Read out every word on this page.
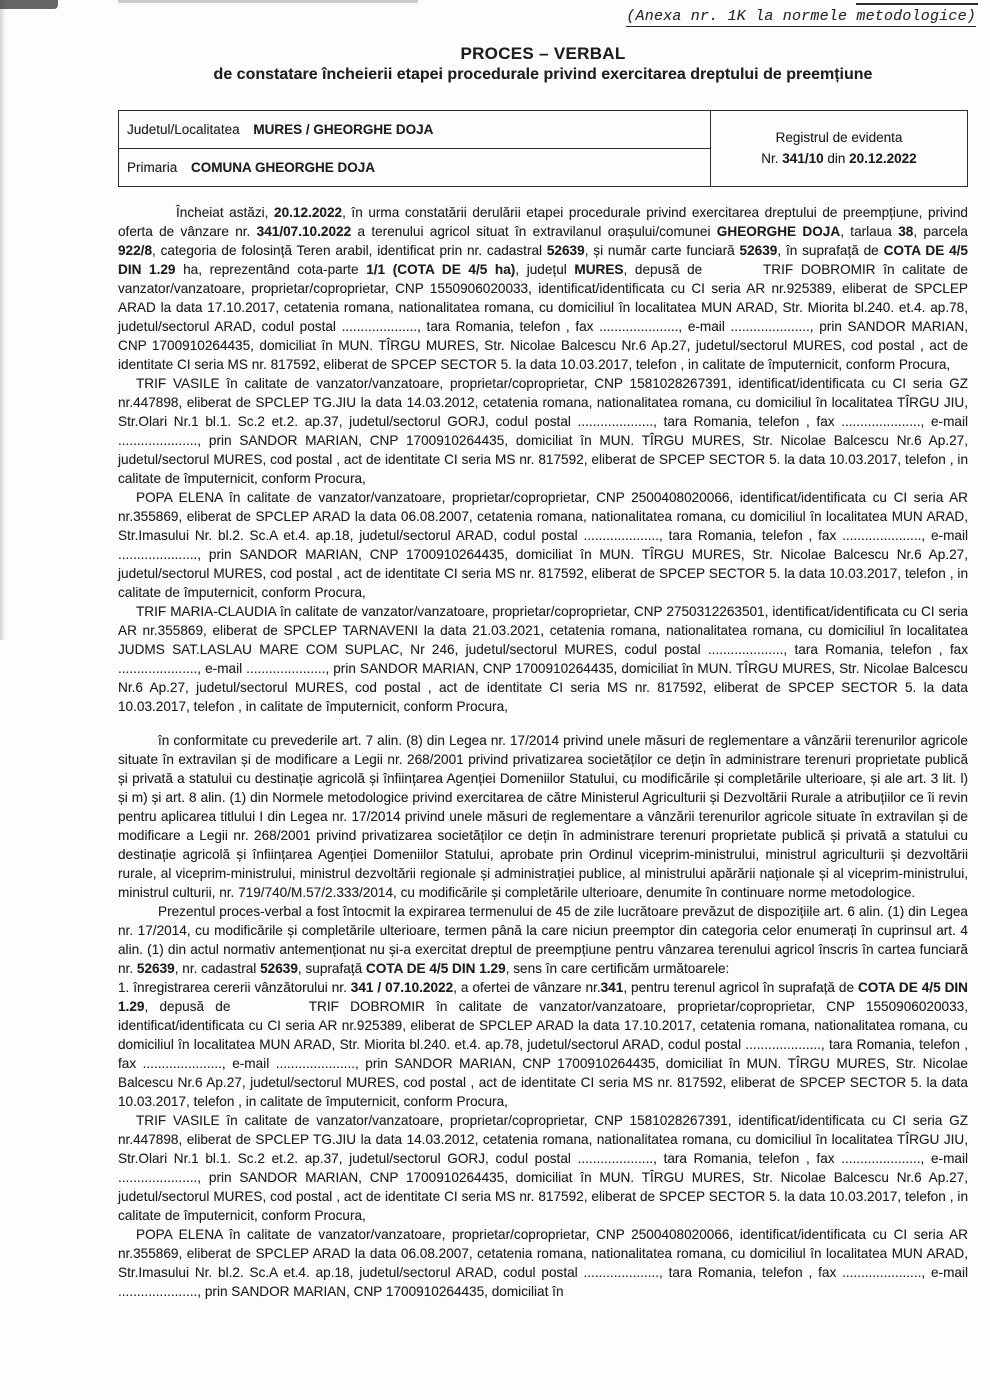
(Anexa nr. 1K la normele metodologice)
PROCES – VERBAL
de constatare încheierii etapei procedurale privind exercitarea dreptului de preemțiune
Judetul/Localitatea MURES / GHEORGHE DOJA	
Registrul de evidenta
Nr. 341/10 din 20.12.2022

Primaria COMUNA GHEORGHE DOJA

Încheiat astăzi, 20.12.2022, în urma constatării derulării etapei procedurale privind exercitarea dreptului de preempțiune, privind oferta de vânzare nr. 341/07.10.2022 a terenului agricol situat în extravilanul orașului/comunei GHEORGHE DOJA, tarlaua 38, parcela 922/8, categoria de folosință Teren arabil, identificat prin nr. cadastral 52639, și număr carte funciară 52639, în suprafață de COTA DE 4/5 DIN 1.29 ha, reprezentând cota-parte 1/1 (COTA DE 4/5 ha), județul MURES, depusă de        TRIF DOBROMIR în calitate de vanzator/vanzatoare, proprietar/coproprietar, CNP 1550906020033, identificat/identificata cu CI seria AR nr.925389, eliberat de SPCLEP ARAD la data 17.10.2017, cetatenia romana, nationalitatea romana, cu domiciliul în localitatea MUN ARAD, Str. Miorita bl.240. et.4. ap.78, judetul/sectorul ARAD, codul postal ...................., tara Romania, telefon , fax ....................., e-mail ....................., prin SANDOR MARIAN, CNP 1700910264435, domiciliat în MUN. TÎRGU MURES, Str. Nicolae Balcescu Nr.6 Ap.27, judetul/sectorul MURES, cod postal , act de identitate CI seria MS nr. 817592, eliberat de SPCEP SECTOR 5. la data 10.03.2017, telefon , in calitate de împuternicit, conform Procura,

TRIF VASILE în calitate de vanzator/vanzatoare, proprietar/coproprietar, CNP 1581028267391, identificat/identificata cu CI seria GZ nr.447898, eliberat de SPCLEP TG.JIU la data 14.03.2012, cetatenia romana, nationalitatea romana, cu domiciliul în localitatea TÎRGU JIU, Str.Olari Nr.1 bl.1. Sc.2 et.2. ap.37, judetul/sectorul GORJ, codul postal ...................., tara Romania, telefon , fax ....................., e-mail ....................., prin SANDOR MARIAN, CNP 1700910264435, domiciliat în MUN. TÎRGU MURES, Str. Nicolae Balcescu Nr.6 Ap.27, judetul/sectorul MURES, cod postal , act de identitate CI seria MS nr. 817592, eliberat de SPCEP SECTOR 5. la data 10.03.2017, telefon , in calitate de împuternicit, conform Procura,

POPA ELENA în calitate de vanzator/vanzatoare, proprietar/coproprietar, CNP 2500408020066, identificat/identificata cu CI seria AR nr.355869, eliberat de SPCLEP ARAD la data 06.08.2007, cetatenia romana, nationalitatea romana, cu domiciliul în localitatea MUN ARAD, Str.Imasului Nr. bl.2. Sc.A et.4. ap.18, judetul/sectorul ARAD, codul postal ...................., tara Romania, telefon , fax ....................., e-mail ....................., prin SANDOR MARIAN, CNP 1700910264435, domiciliat în MUN. TÎRGU MURES, Str. Nicolae Balcescu Nr.6 Ap.27, judetul/sectorul MURES, cod postal , act de identitate CI seria MS nr. 817592, eliberat de SPCEP SECTOR 5. la data 10.03.2017, telefon , in calitate de împuternicit, conform Procura,

TRIF MARIA-CLAUDIA în calitate de vanzator/vanzatoare, proprietar/coproprietar, CNP 2750312263501, identificat/identificata cu CI seria AR nr.355869, eliberat de SPCLEP TARNAVENI la data 21.03.2021, cetatenia romana, nationalitatea romana, cu domiciliul în localitatea JUDMS SAT.LASLAU MARE COM SUPLAC, Nr 246, judetul/sectorul MURES, codul postal ...................., tara Romania, telefon , fax ....................., e-mail ....................., prin SANDOR MARIAN, CNP 1700910264435, domiciliat în MUN. TÎRGU MURES, Str. Nicolae Balcescu Nr.6 Ap.27, judetul/sectorul MURES, cod postal , act de identitate CI seria MS nr. 817592, eliberat de SPCEP SECTOR 5. la data 10.03.2017, telefon , in calitate de împuternicit, conform Procura,

în conformitate cu prevederile art. 7 alin. (8) din Legea nr. 17/2014 privind unele măsuri de reglementare a vânzării terenurilor agricole situate în extravilan și de modificare a Legii nr. 268/2001 privind privatizarea societăților ce dețin în administrare terenuri proprietate publică și privată a statului cu destinație agricolă și înființarea Agenției Domeniilor Statului, cu modificările și completările ulterioare, și ale art. 3 lit. l) și m) și art. 8 alin. (1) din Normele metodologice privind exercitarea de către Ministerul Agriculturii și Dezvoltării Rurale a atribuțiilor ce îi revin pentru aplicarea titlului I din Legea nr. 17/2014 privind unele măsuri de reglementare a vânzării terenurilor agricole situate în extravilan și de modificare a Legii nr. 268/2001 privind privatizarea societăților ce dețin în administrare terenuri proprietate publică și privată a statului cu destinație agricolă și înființarea Agenției Domeniilor Statului, aprobate prin Ordinul viceprim-ministrului, ministrul agriculturii și dezvoltării rurale, al viceprim-ministrului, ministrul dezvoltării regionale și administrației publice, al ministrului apărării naționale și al viceprim-ministrului, ministrul culturii, nr. 719/740/M.57/2.333/2014, cu modificările și completările ulterioare, denumite în continuare norme metodologice.

Prezentul proces-verbal a fost întocmit la expirarea termenului de 45 de zile lucrătoare prevăzut de dispozițiile art. 6 alin. (1) din Legea nr. 17/2014, cu modificările și completările ulterioare, termen până la care niciun preemptor din categoria celor enumerați în cuprinsul art. 4 alin. (1) din actul normativ antemenționat nu și-a exercitat dreptul de preempțiune pentru vânzarea terenului agricol înscris în cartea funciară nr. 52639, nr. cadastral 52639, suprafață COTA DE 4/5 DIN 1.29, sens în care certificăm următoarele:

1. înregistrarea cererii vânzătorului nr. 341 / 07.10.2022, a ofertei de vânzare nr.341, pentru terenul agricol în suprafață de COTA DE 4/5 DIN 1.29, depusă de       TRIF DOBROMIR în calitate de vanzator/vanzatoare, proprietar/coproprietar, CNP 1550906020033, identificat/identificata cu CI seria AR nr.925389, eliberat de SPCLEP ARAD la data 17.10.2017, cetatenia romana, nationalitatea romana, cu domiciliul în localitatea MUN ARAD, Str. Miorita bl.240. et.4. ap.78, judetul/sectorul ARAD, codul postal ...................., tara Romania, telefon , fax ....................., e-mail ....................., prin SANDOR MARIAN, CNP 1700910264435, domiciliat în MUN. TÎRGU MURES, Str. Nicolae Balcescu Nr.6 Ap.27, judetul/sectorul MURES, cod postal , act de identitate CI seria MS nr. 817592, eliberat de SPCEP SECTOR 5. la data 10.03.2017, telefon , in calitate de împuternicit, conform Procura,

TRIF VASILE în calitate de vanzator/vanzatoare, proprietar/coproprietar, CNP 1581028267391, identificat/identificata cu CI seria GZ nr.447898, eliberat de SPCLEP TG.JIU la data 14.03.2012, cetatenia romana, nationalitatea romana, cu domiciliul în localitatea TÎRGU JIU, Str.Olari Nr.1 bl.1. Sc.2 et.2. ap.37, judetul/sectorul GORJ, codul postal ...................., tara Romania, telefon , fax ....................., e-mail ....................., prin SANDOR MARIAN, CNP 1700910264435, domiciliat în MUN. TÎRGU MURES, Str. Nicolae Balcescu Nr.6 Ap.27, judetul/sectorul MURES, cod postal , act de identitate CI seria MS nr. 817592, eliberat de SPCEP SECTOR 5. la data 10.03.2017, telefon , in calitate de împuternicit, conform Procura,

POPA ELENA în calitate de vanzator/vanzatoare, proprietar/coproprietar, CNP 2500408020066, identificat/identificata cu CI seria AR nr.355869, eliberat de SPCLEP ARAD la data 06.08.2007, cetatenia romana, nationalitatea romana, cu domiciliul în localitatea MUN ARAD, Str.Imasului Nr. bl.2. Sc.A et.4. ap.18, judetul/sectorul ARAD, codul postal ...................., tara Romania, telefon , fax ....................., e-mail ....................., prin SANDOR MARIAN, CNP 1700910264435, domiciliat în
